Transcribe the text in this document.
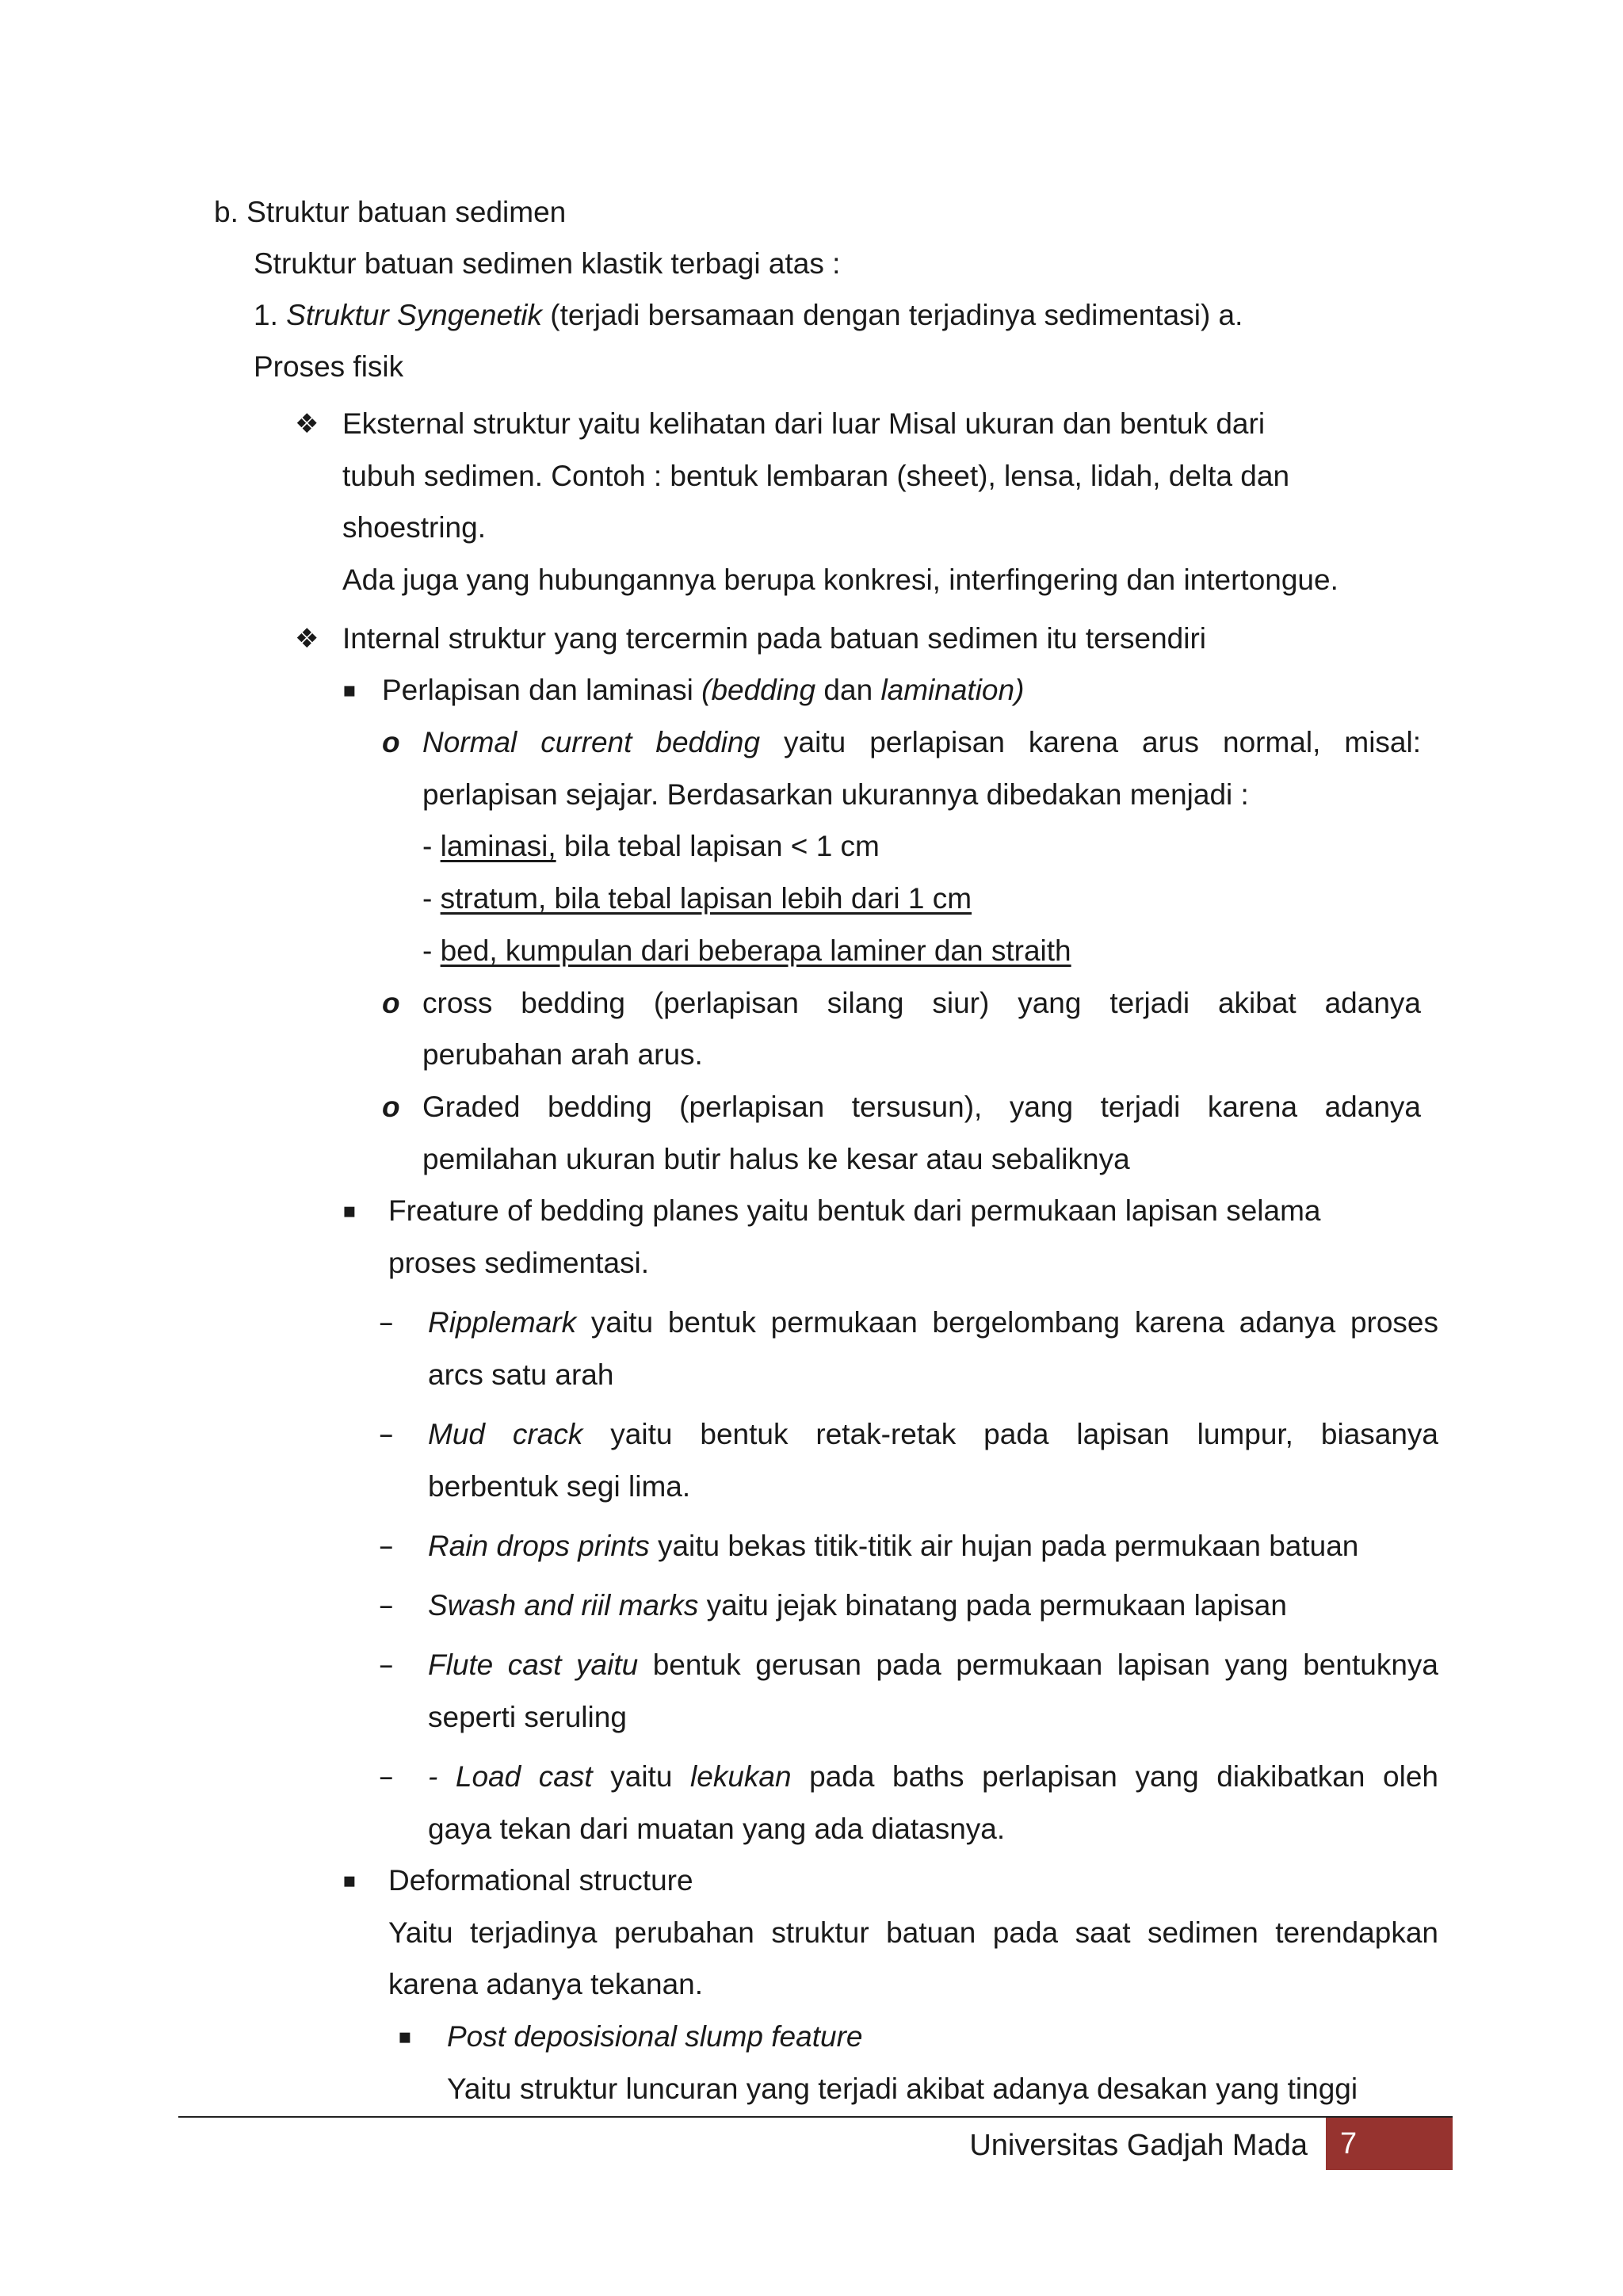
b. Struktur batuan sedimen
Struktur batuan sedimen klastik terbagi atas :
1. Struktur Syngenetik (terjadi bersamaan dengan terjadinya sedimentasi) a.
Proses fisik
❖ Eksternal struktur yaitu kelihatan dari luar Misal ukuran dan bentuk dari
tubuh sedimen. Contoh : bentuk lembaran (sheet), lensa, lidah, delta dan
shoestring.
Ada juga yang hubungannya berupa konkresi, interfingering dan intertongue.
❖ Internal struktur yang tercermin pada batuan sedimen itu tersendiri
▪ Perlapisan dan laminasi (bedding dan lamination)
o Normal current bedding yaitu perlapisan karena arus normal, misal:
perlapisan sejajar. Berdasarkan ukurannya dibedakan menjadi :
- laminasi, bila tebal lapisan < 1 cm
- stratum, bila tebal lapisan lebih dari 1 cm
- bed, kumpulan dari beberapa laminer dan straith
o cross bedding (perlapisan silang siur) yang terjadi akibat adanya
perubahan arah arus.
o Graded bedding (perlapisan tersusun), yang terjadi karena adanya
pemilahan ukuran butir halus ke kesar atau sebaliknya
▪ Freature of bedding planes yaitu bentuk dari permukaan lapisan selama
proses sedimentasi.
– Ripplemark yaitu bentuk permukaan bergelombang karena adanya proses
arcs satu arah
– Mud crack yaitu bentuk retak-retak pada lapisan lumpur, biasanya
berbentuk segi lima.
– Rain drops prints yaitu bekas titik-titik air hujan pada permukaan batuan
– Swash and riil marks yaitu jejak binatang pada permukaan lapisan
– Flute cast yaitu bentuk gerusan pada permukaan lapisan yang bentuknya
seperti seruling
– - Load cast yaitu lekukan pada baths perlapisan yang diakibatkan oleh
gaya tekan dari muatan yang ada diatasnya.
▪ Deformational structure
Yaitu terjadinya perubahan struktur batuan pada saat sedimen terendapkan
karena adanya tekanan.
▪ Post deposisional slump feature
Yaitu struktur luncuran yang terjadi akibat adanya desakan yang tinggi
Universitas Gadjah Mada 7
